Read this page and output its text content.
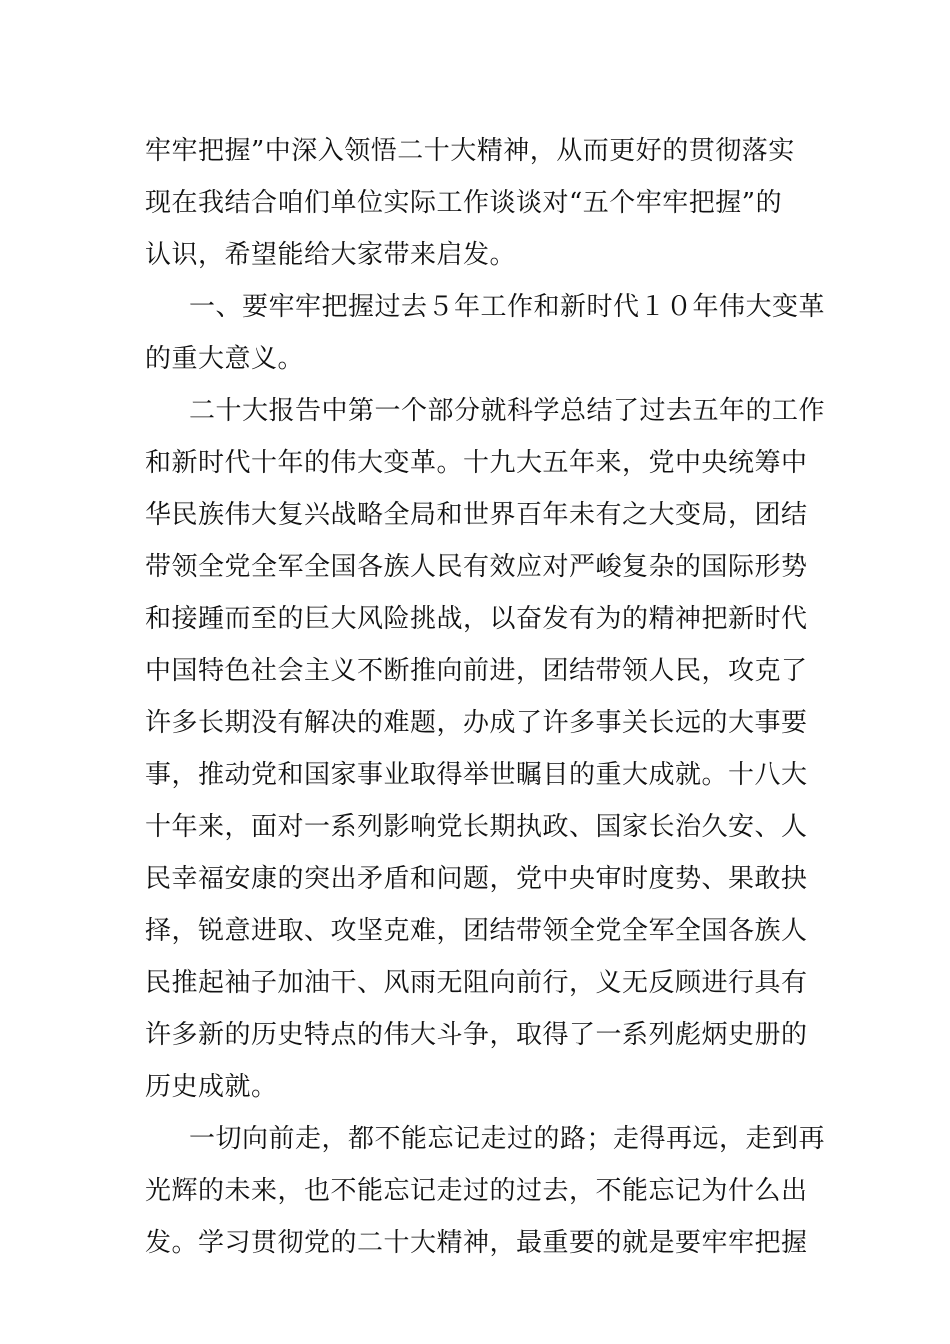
牢牢把握”中深入领悟二十大精神，从而更好的贯彻落实
现在我结合咱们单位实际工作谈谈对“五个牢牢把握”的
认识，希望能给大家带来启发。
一、要牢牢把握过去５年工作和新时代１０年伟大变革
的重大意义。
二十大报告中第一个部分就科学总结了过去五年的工作
和新时代十年的伟大变革。十九大五年来，党中央统筹中
华民族伟大复兴战略全局和世界百年未有之大变局，团结
带领全党全军全国各族人民有效应对严峻复杂的国际形势
和接踵而至的巨大风险挑战，以奋发有为的精神把新时代
中国特色社会主义不断推向前进，团结带领人民，攻克了
许多长期没有解决的难题，办成了许多事关长远的大事要
事，推动党和国家事业取得举世瞩目的重大成就。十八大
十年来，面对一系列影响党长期执政、国家长治久安、人
民幸福安康的突出矛盾和问题，党中央审时度势、果敢抉
择，锐意进取、攻坚克难，团结带领全党全军全国各族人
民推起袖子加油干、风雨无阻向前行，义无反顾进行具有
许多新的历史特点的伟大斗争，取得了一系列彪炳史册的
历史成就。
一切向前走，都不能忘记走过的路；走得再远，走到再
光辉的未来，也不能忘记走过的过去，不能忘记为什么出
发。学习贯彻党的二十大精神，最重要的就是要牢牢把握
